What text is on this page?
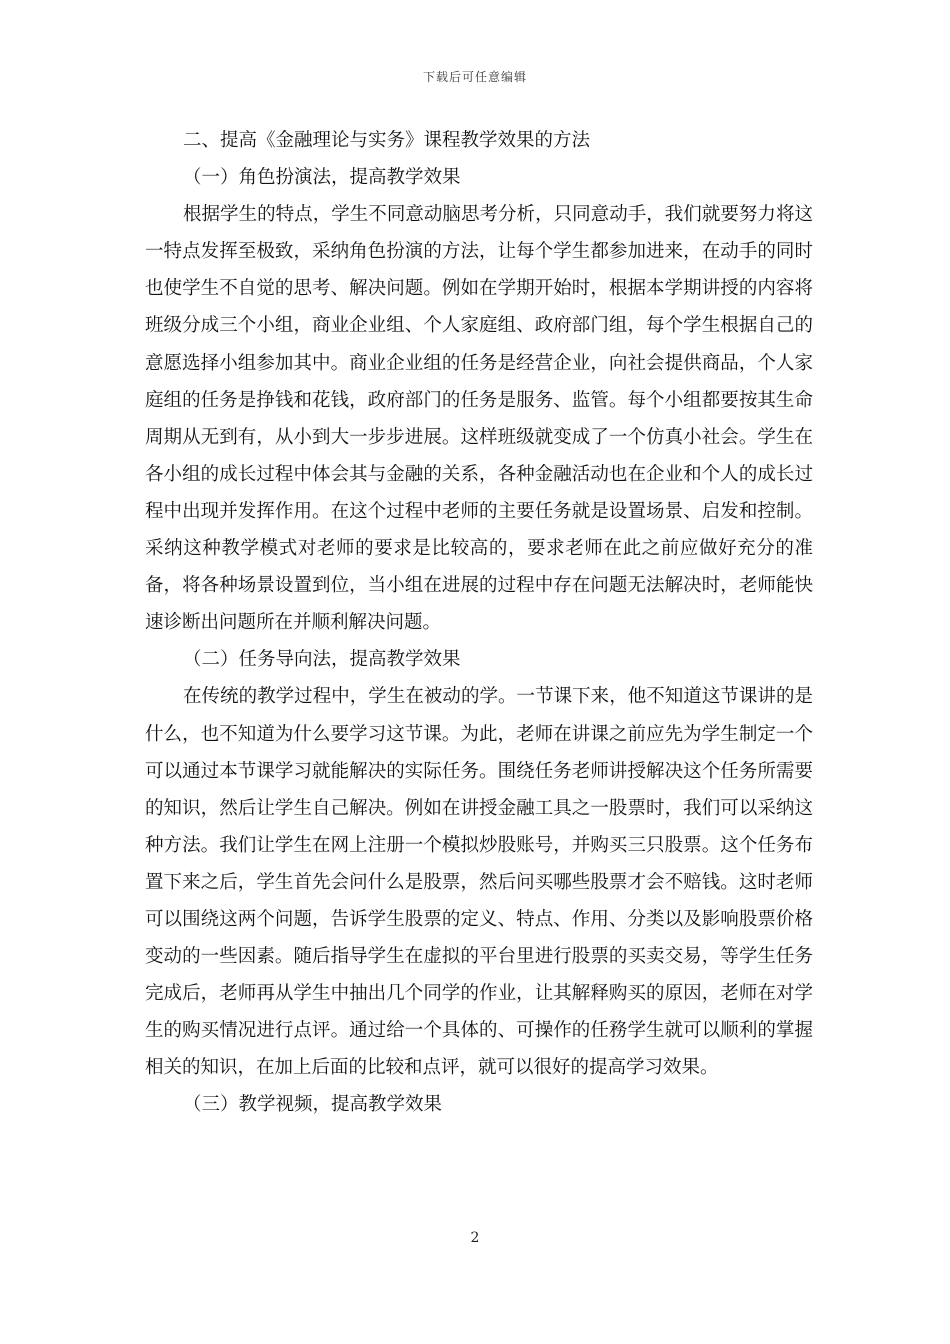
下载后可任意编辑

二、提高《金融理论与实务》课程教学效果的方法

（一）角色扮演法，提高教学效果

根据学生的特点，学生不同意动脑思考分析，只同意动手，我们就要努力将这一特点发挥至极致，采纳角色扮演的方法，让每个学生都参加进来，在动手的同时也使学生不自觉的思考、解决问题。例如在学期开始时，根据本学期讲授的内容将班级分成三个小组，商业企业组、个人家庭组、政府部门组，每个学生根据自己的意愿选择小组参加其中。商业企业组的任务是经营企业，向社会提供商品，个人家庭组的任务是挣钱和花钱，政府部门的任务是服务、监管。每个小组都要按其生命周期从无到有，从小到大一步步进展。这样班级就变成了一个仿真小社会。学生在各小组的成长过程中体会其与金融的关系，各种金融活动也在企业和个人的成长过程中出现并发挥作用。在这个过程中老师的主要任务就是设置场景、启发和控制。采纳这种教学模式对老师的要求是比较高的，要求老师在此之前应做好充分的准备，将各种场景设置到位，当小组在进展的过程中存在问题无法解决时，老师能快速诊断出问题所在并顺利解决问题。

（二）任务导向法，提高教学效果

在传统的教学过程中，学生在被动的学。一节课下来，他不知道这节课讲的是什么，也不知道为什么要学习这节课。为此，老师在讲课之前应先为学生制定一个可以通过本节课学习就能解决的实际任务。围绕任务老师讲授解决这个任务所需要的知识，然后让学生自己解决。例如在讲授金融工具之一股票时，我们可以采纳这种方法。我们让学生在网上注册一个模拟炒股账号，并购买三只股票。这个任务布置下来之后，学生首先会问什么是股票，然后问买哪些股票才会不赔钱。这时老师可以围绕这两个问题，告诉学生股票的定义、特点、作用、分类以及影响股票价格变动的一些因素。随后指导学生在虚拟的平台里进行股票的买卖交易，等学生任务完成后，老师再从学生中抽出几个同学的作业，让其解释购买的原因，老师在对学生的购买情况进行点评。通过给一个具体的、可操作的任務学生就可以顺利的掌握相关的知识，在加上后面的比较和点评，就可以很好的提高学习效果。

（三）教学视频，提高教学效果

2
